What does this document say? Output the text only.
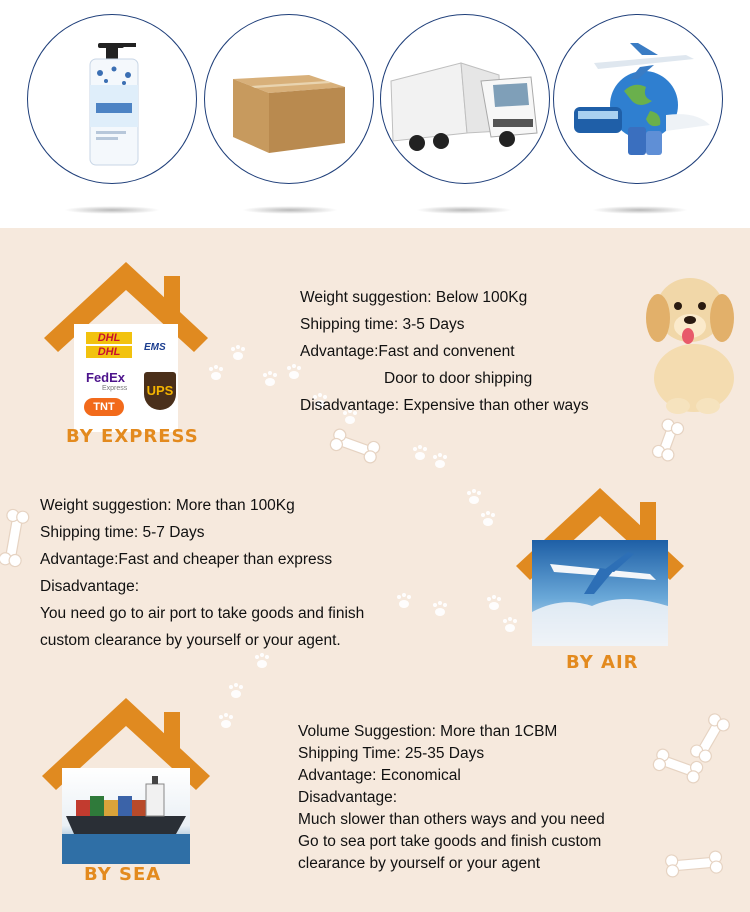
DHL
DHL	EMS
FedEx
Express UPS
TNT
BY EXPRESS
Weight suggestion: Below 100Kg
Shipping time: 3-5 Days
Advantage:Fast and convenent
Door to door shipping
Disadvantage: Expensive than other ways
Weight suggestion: More than 100Kg
Shipping time: 5-7 Days
Advantage:Fast and cheaper than express
Disadvantage:
You need go to air port to take goods and finish
custom clearance by yourself or your agent.
BY AIR
BY SEA
Volume Suggestion: More than 1CBM
Shipping Time: 25-35 Days
Advantage: Economical
Disadvantage:
Much slower than others ways and you need
Go to sea port take goods and finish custom
clearance by yourself or your agent
